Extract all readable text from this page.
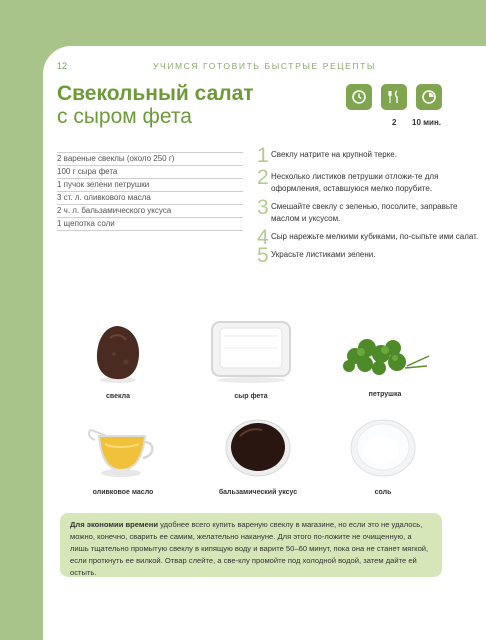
12	УЧИМСЯ ГОТОВИТЬ БЫСТРЫЕ РЕЦЕПТЫ
Свекольный салат
с сыром фета	2 10 мин.
2 вареные свеклы (около 250 г)
100 г сыра фета
1 пучок зелени петрушки
3 ст. л. оливкового масла
2 ч. л. бальзамического уксуса
1 щепотка соли
1 Свеклу натрите на крупной терке.
2 Несколько листиков петрушки отложи-те для оформления, оставшуюся мелко порубите.
3 Смешайте свеклу с зеленью, посолите, заправьте маслом и уксусом.
4 Сыр нарежьте мелкими кубиками, по-сыпьте ими салат.
5 Украсьте листиками зелени.
свекла	сыр фета	петрушка
оливковое масло	бальзамический уксус	соль
Для экономии времени удобнее всего купить вареную свеклу в магазине, но если это не удалось, можно, конечно, сварить ее самим, желательно накануне. Для этого по-ложите не очищенную, а лишь тщательно промытую свеклу в кипящую воду и варите 50–60 минут, пока она не станет мягкой, если проткнуть ее вилкой. Отвар слейте, а све-клу промойте под холодной водой, затем дайте ей остыть.
